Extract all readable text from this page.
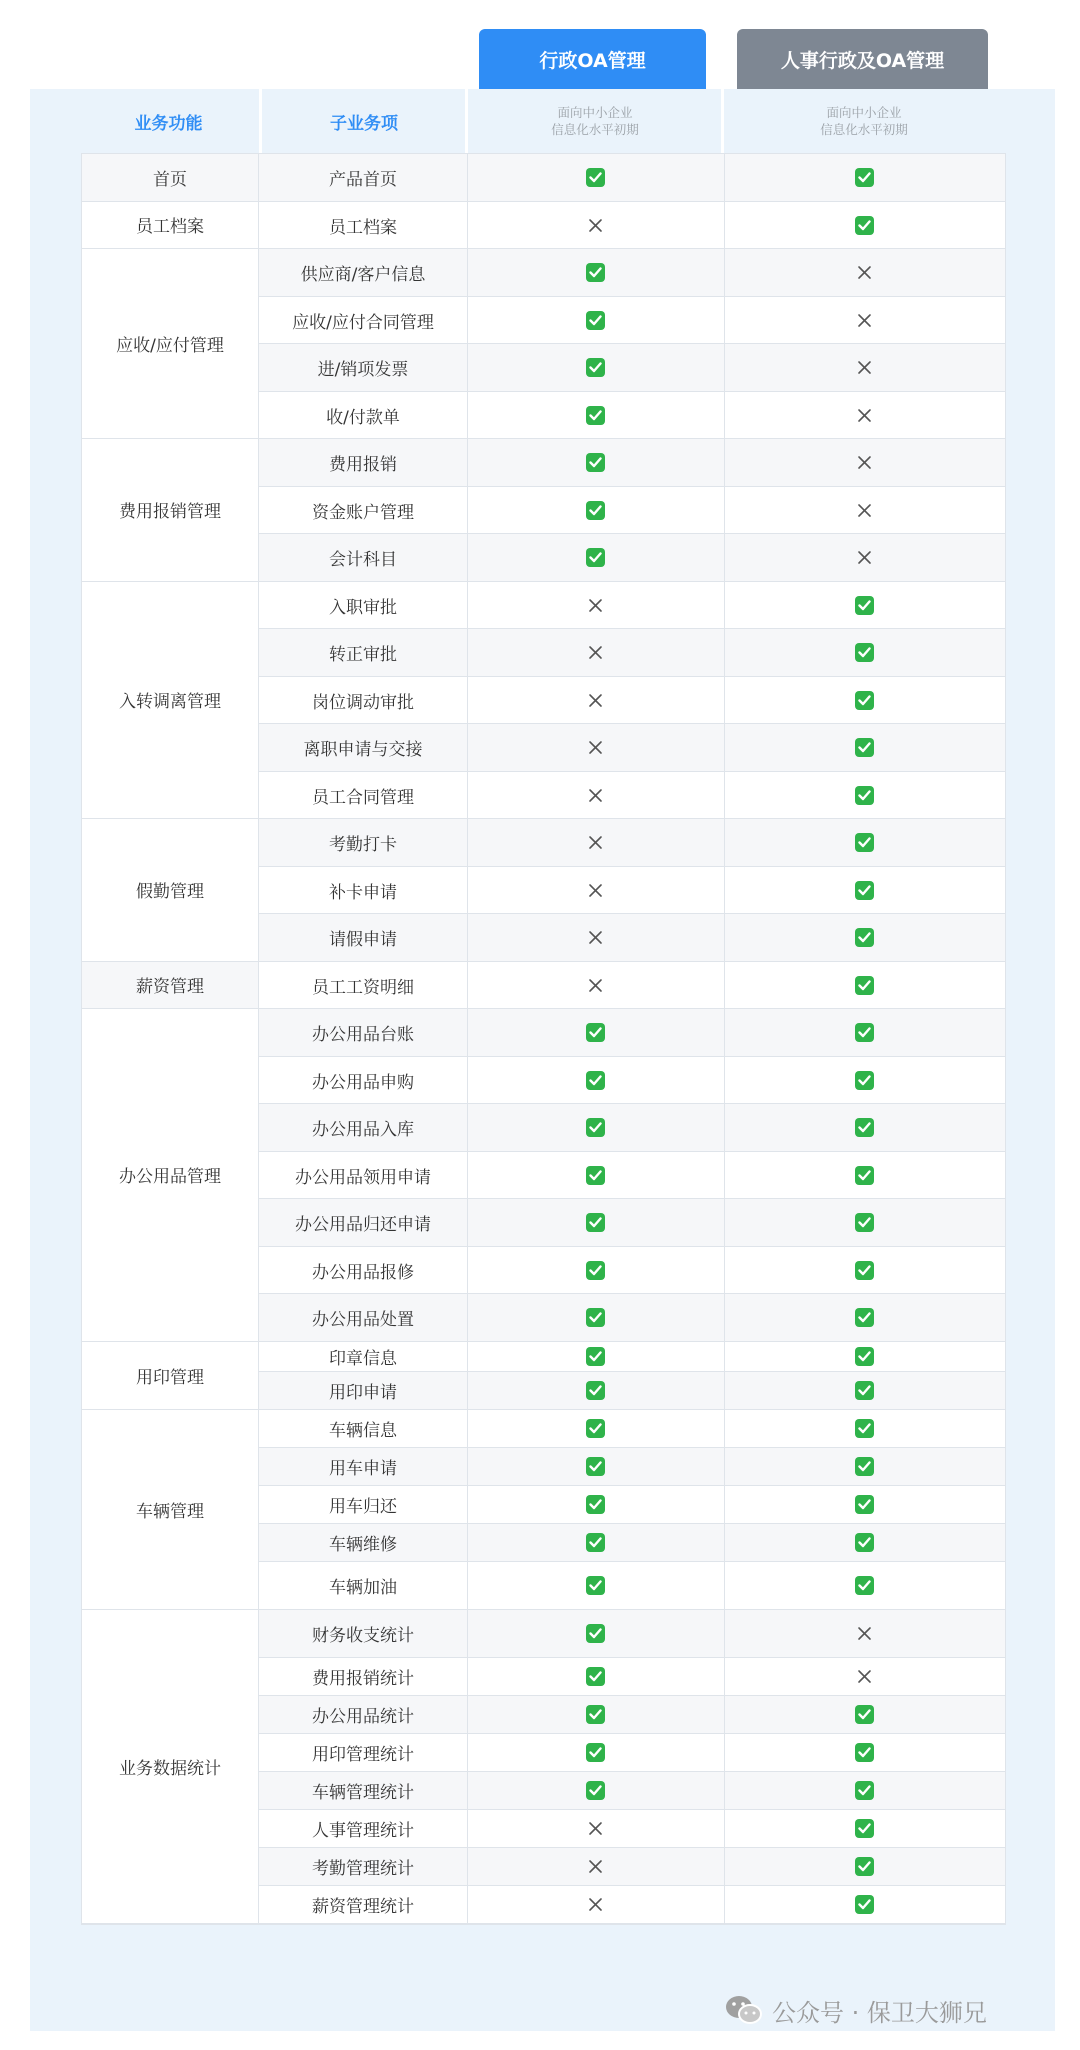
行政OA管理	人事行政及OA管理
业务功能	子业务项
面向中小企业
信息化水平初期
面向中小企业
信息化水平初期
产品首页
首页
员工档案
员工档案
供应商/客户信息
应收/应付合同管理
进/销项发票
收/付款单
应收/应付管理
费用报销
资金账户管理
会计科目
费用报销管理
入职审批
转正审批
岗位调动审批
离职申请与交接
员工合同管理
入转调离管理
考勤打卡
补卡申请
请假申请
假勤管理
员工工资明细
薪资管理
办公用品台账
办公用品申购
办公用品入库
办公用品领用申请
办公用品归还申请
办公用品报修
办公用品处置
办公用品管理
印章信息
用印申请
用印管理
车辆信息
用车申请
用车归还
车辆维修
车辆加油
车辆管理
财务收支统计
费用报销统计
办公用品统计
用印管理统计
车辆管理统计
人事管理统计
考勤管理统计
薪资管理统计
业务数据统计
公众号 · 保卫大狮兄
